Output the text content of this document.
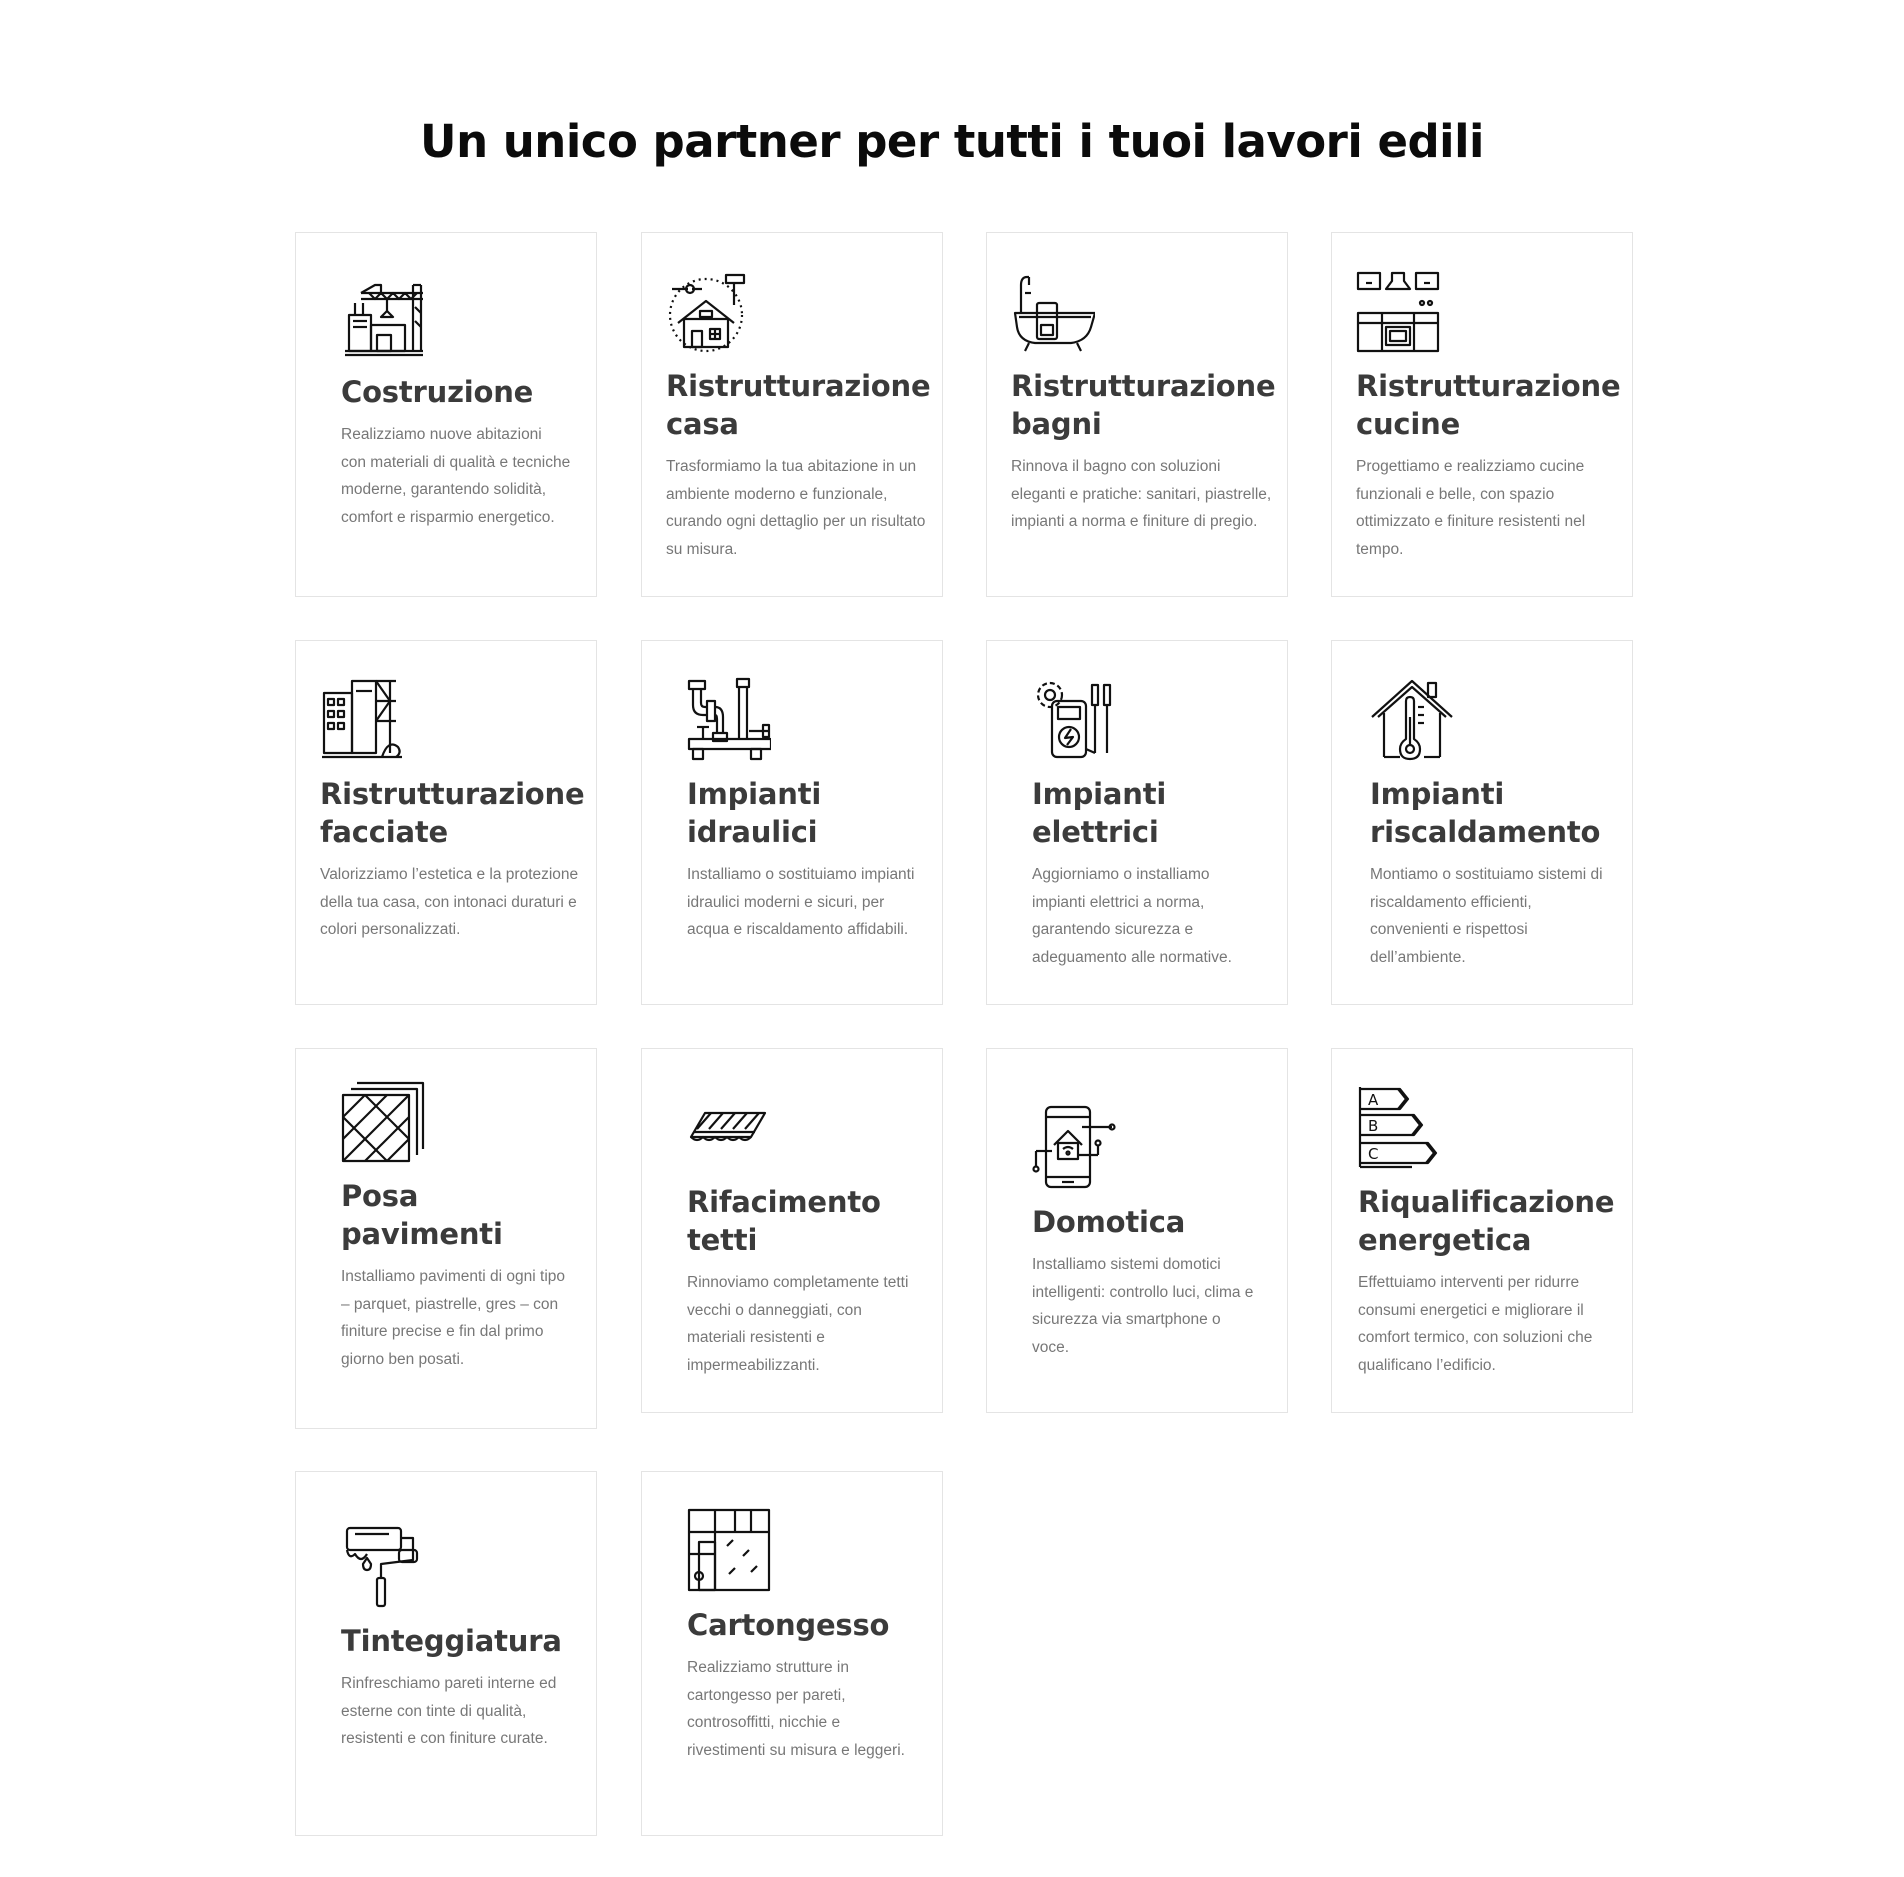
Un unico partner per tutti i tuoi lavori edili
Costruzione

Realizziamo nuove abitazioni con materiali di qualità e tecniche moderne, garantendo solidità, comfort e risparmio energetico.

Ristrutturazione casa

Trasformiamo la tua abitazione in un ambiente moderno e funzionale, curando ogni dettaglio per un risultato su misura.

Ristrutturazione bagni

Rinnova il bagno con soluzioni eleganti e pratiche: sanitari, piastrelle, impianti a norma e finiture di pregio.

Ristrutturazione cucine

Progettiamo e realizziamo cucine funzionali e belle, con spazio ottimizzato e finiture resistenti nel tempo.

Ristrutturazione facciate

Valorizziamo l’estetica e la protezione della tua casa, con intonaci duraturi e colori personalizzati.

Impianti idraulici

Installiamo o sostituiamo impianti idraulici moderni e sicuri, per acqua e riscaldamento affidabili.

Impianti elettrici

Aggiorniamo o installiamo impianti elettrici a norma, garantendo sicurezza e adeguamento alle normative.

Impianti riscaldamento

Montiamo o sostituiamo sistemi di riscaldamento efficienti, convenienti e rispettosi dell’ambiente.

Posa pavimenti

Installiamo pavimenti di ogni tipo – parquet, piastrelle, gres – con finiture precise e fin dal primo giorno ben posati.

Rifacimento tetti

Rinnoviamo completamente tetti vecchi o danneggiati, con materiali resistenti e impermeabilizzanti.

Domotica

Installiamo sistemi domotici intelligenti: controllo luci, clima e sicurezza via smartphone o voce.

A
B
C
Riqualificazione energetica

Effettuiamo interventi per ridurre consumi energetici e migliorare il comfort termico, con soluzioni che qualificano l’edificio.

Tinteggiatura

Rinfreschiamo pareti interne ed esterne con tinte di qualità, resistenti e con finiture curate.

Cartongesso

Realizziamo strutture in cartongesso per pareti, controsoffitti, nicchie e rivestimenti su misura e leggeri.
